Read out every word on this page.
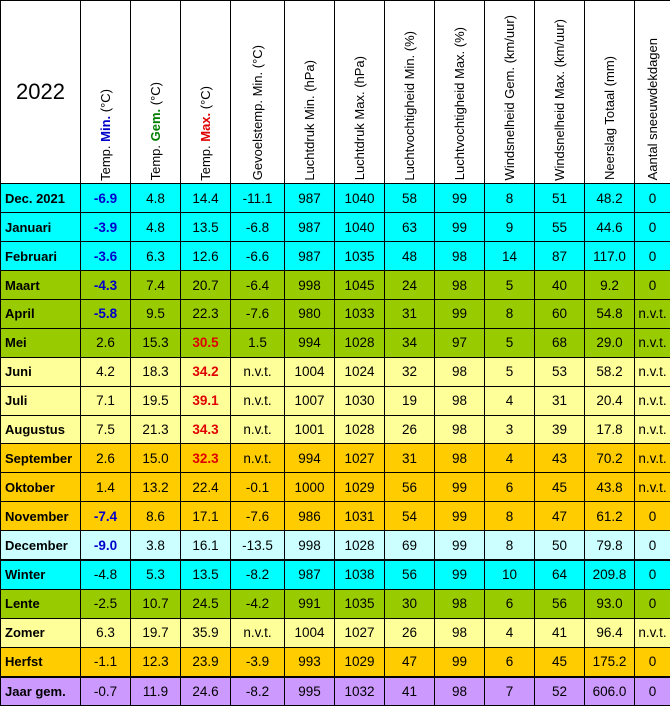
2022	Temp. Min. (°C)	Temp. Gem. (°C)	Temp. Max. (°C)	Gevoelstemp. Min. (°C)	Luchtdruk Min. (hPa)	Luchtdruk Max. (hPa)	Luchtvochtigheid Min. (%)	Luchtvochtigheid Max. (%)	Windsnelheid Gem. (km/uur)	Windsnelheid Max. (km/uur)	Neerslag Totaal (mm)	Aantal sneeuwdekdagen
Dec. 2021	-6.9	4.8	14.4	-11.1	987	1040	58	99	8	51	48.2	0
Januari	-3.9	4.8	13.5	-6.8	987	1040	63	99	9	55	44.6	0
Februari	-3.6	6.3	12.6	-6.6	987	1035	48	98	14	87	117.0	0
Maart	-4.3	7.4	20.7	-6.4	998	1045	24	98	5	40	9.2	0
April	-5.8	9.5	22.3	-7.6	980	1033	31	99	8	60	54.8	n.v.t.
Mei	2.6	15.3	30.5	1.5	994	1028	34	97	5	68	29.0	n.v.t.
Juni	4.2	18.3	34.2	n.v.t.	1004	1024	32	98	5	53	58.2	n.v.t.
Juli	7.1	19.5	39.1	n.v.t.	1007	1030	19	98	4	31	20.4	n.v.t.
Augustus	7.5	21.3	34.3	n.v.t.	1001	1028	26	98	3	39	17.8	n.v.t.
September	2.6	15.0	32.3	n.v.t.	994	1027	31	98	4	43	70.2	n.v.t.
Oktober	1.4	13.2	22.4	-0.1	1000	1029	56	99	6	45	43.8	n.v.t.
November	-7.4	8.6	17.1	-7.6	986	1031	54	99	8	47	61.2	0
December	-9.0	3.8	16.1	-13.5	998	1028	69	99	8	50	79.8	0
Winter	-4.8	5.3	13.5	-8.2	987	1038	56	99	10	64	209.8	0
Lente	-2.5	10.7	24.5	-4.2	991	1035	30	98	6	56	93.0	0
Zomer	6.3	19.7	35.9	n.v.t.	1004	1027	26	98	4	41	96.4	n.v.t.
Herfst	-1.1	12.3	23.9	-3.9	993	1029	47	99	6	45	175.2	0
Jaar gem.	-0.7	11.9	24.6	-8.2	995	1032	41	98	7	52	606.0	0
